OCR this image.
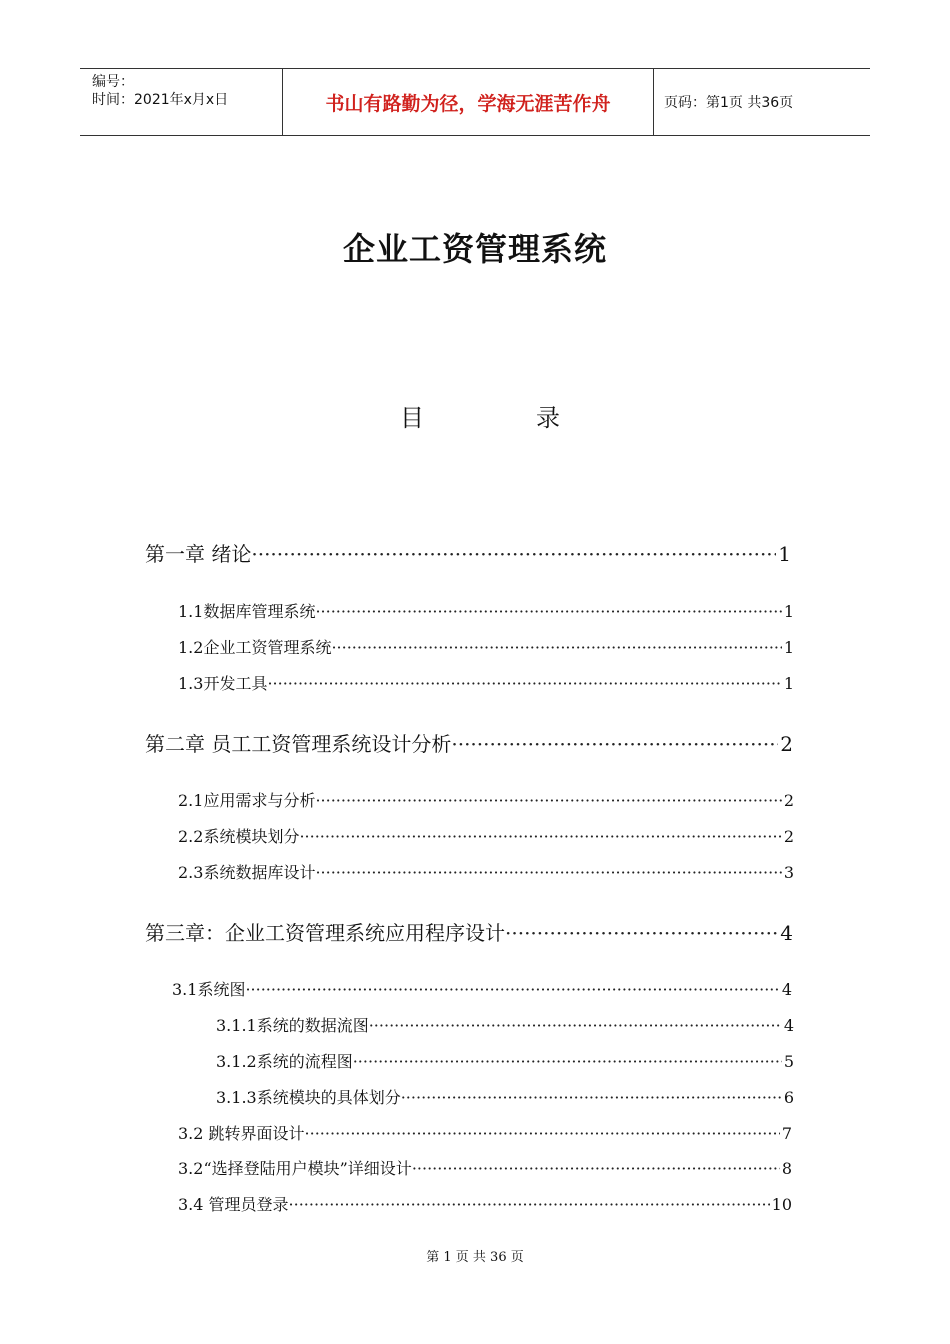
编号：
时间：2021年x月x日	书山有路勤为径，学海无涯苦作舟	页码：第1页 共36页
企业工资管理系统
目	录
第一章 绪论 ·····	1
1.1数据库管理系统 ·····	1
1.2企业工资管理系统 ·····	1
1.3开发工具 ·····	1
第二章 员工工资管理系统设计分析 ·····	2
2.1应用需求与分析 ·····	2
2.2系统模块划分 ·····	2
2.3系统数据库设计 ·····	3
第三章：企业工资管理系统应用程序设计 ·····	4
3.1系统图 ·····	4
3.1.1系统的数据流图 ·····	4
3.1.2系统的流程图 ·····	5
3.1.3系统模块的具体划分 ·····	6
3.2 跳转界面设计 ·····	7
3.2“选择登陆用户模块”详细设计 ·····	8
3.4 管理员登录 ·····	10
第 1 页 共 36 页
